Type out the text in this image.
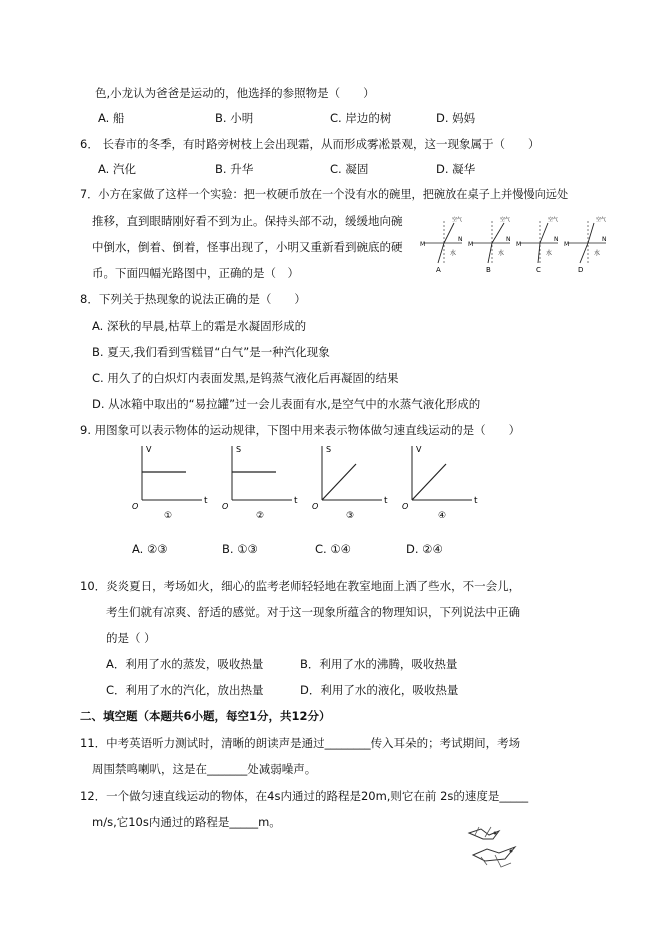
色,小龙认为爸爸是运动的，他选择的参照物是（　　）
A. 船	B. 小明	C. 岸边的树	D. 妈妈
6． 长春市的冬季，有时路旁树枝上会出现霜，从而形成雾凇景观，这一现象属于（　　）
A. 汽化	B. 升华	C. 凝固	D. 凝华
7．小方在家做了这样一个实验：把一枚硬币放在一个没有水的碗里，把碗放在桌子上并慢慢向远处
推移，直到眼睛刚好看不到为止。保持头部不动，缓缓地向碗
中倒水，倒着、倒着，怪事出现了，小明又重新看到碗底的硬
币。下面四幅光路图中，正确的是（　）
M
N
空气
水
A
M
N
空气
水
B
M
N
空气
水
C
M
N
空气
水
D
8．下列关于热现象的说法正确的是（　　）
A. 深秋的早晨,枯草上的霜是水凝固形成的
B. 夏天,我们看到雪糕冒“白气”是一种汽化现象
C. 用久了的白炽灯内表面发黑,是钨蒸气液化后再凝固的结果
D. 从冰箱中取出的“易拉罐”过一会儿表面有水,是空气中的水蒸气液化形成的
9. 用图象可以表示物体的运动规律，下图中用来表示物体做匀速直线运动的是（　　）
V
t
O
①
S
t
O
②
S
t
O
③
V
t
O
④
A. ②③	B. ①③	C. ①④	D. ②④
10．炎炎夏日，考场如火，细心的监考老师轻轻地在教室地面上洒了些水，不一会儿，
考生们就有凉爽、舒适的感觉。对于这一现象所蕴含的物理知识，下列说法中正确
的是（ ）
A．利用了水的蒸发，吸收热量	B．利用了水的沸腾，吸收热量
C．利用了水的汽化，放出热量	D．利用了水的液化，吸收热量
二、填空题（本题共6小题，每空1分，共12分）
11．中考英语听力测试时，清晰的朗读声是通过________传入耳朵的；考试期间，考场
周围禁鸣喇叭，这是在_______处减弱噪声。
12．一个做匀速直线运动的物体，在4s内通过的路程是20m,则它在前 2s的速度是_____
m/s,它10s内通过的路程是_____m。
